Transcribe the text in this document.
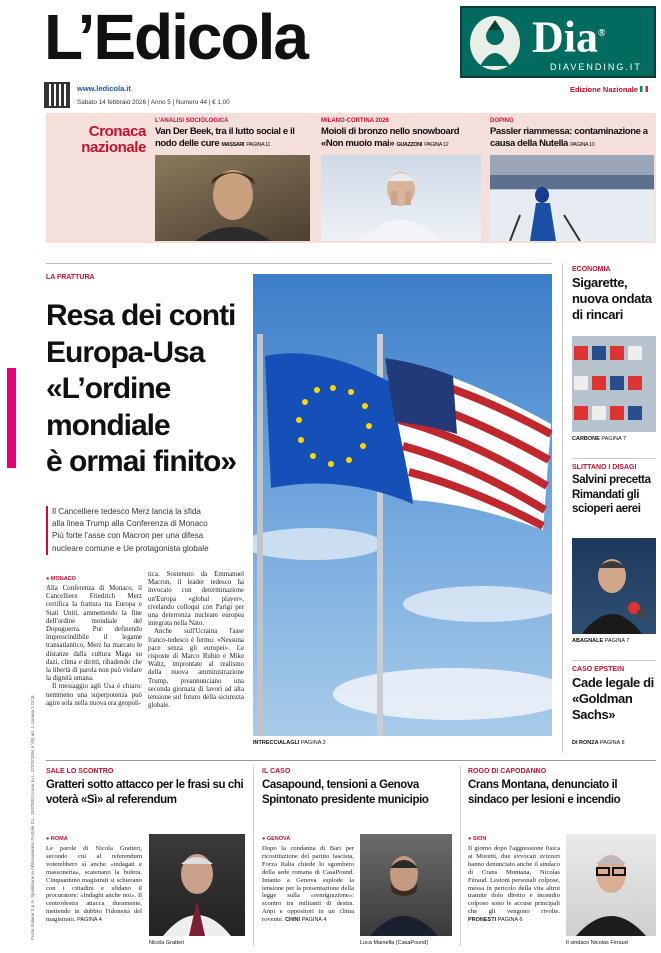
L’Edicola	Dia®
DIAVENDING.IT
www.ledicola.it
Sabato 14 febbraio 2026 | Anno 5 | Numero 44 | € 1,00
Edizione Nazionale
Cronaca nazionale
L'ANALISI SOCIOLOGICA
Van Der Beek, tra il lutto social e il nodo delle cure MASSARI PAGINA 11
MILANO-CORTINA 2026
Moioli di bronzo nello snowboard «Non muoio mai» GUAZZONI PAGINA 12
DOPING
Passler riammessa: contaminazione a causa della Nutella PAGINA 10
LA FRATTURA
Resa dei conti
Europa-Usa
«L’ordine
mondiale
è ormai finito»
Il Cancelliere tedesco Merz lancia la sfida
alla linea Trump alla Conferenza di Monaco
Più forte l’asse con Macron per una difesa
nucleare comune e Ue protagonista globale
● MONACO
Alla Conferenza di Monaco, il Cancelliere Friedrich Merz certifica la frattura tra Europa e Stati Uniti, ammettendo la fine dell'ordine mondiale del Dopoguerra. Pur definendo imprescindibile il legame transatlantico, Merz ha marcato le distanze dalla cultura Maga su dazi, clima e diritti, ribadendo che la libertà di parola non può violare la dignità umana.
Il messaggio agli Usa è chiaro: nemmeno una superpotenza può agire sola nella nuova era geopoli-
tica. Sostenuto da Emmanuel Macron, il leader tedesco ha invocato con determinazione un'Europa «global player», rivelando colloqui con Parigi per una deterrenza nucleare europea integrata nella Nato.
Anche sull'Ucraina l'asse franco-tedesco è fermo: «Nessuna pace senza gli europei». Le risposte di Marco Rubio e Mike Waltz, improntate al realismo della nuova amministrazione Trump, preannunciano una seconda giornata di lavori ad alta tensione sul futuro della sicurezza globale.
INTRECCIALAGLI PAGINA 2
ECONOMIA
Sigarette, nuova ondata di rincari
CARBONE PAGINA 7
SLITTANO I DISAGI
Salvini precetta Rimandati gli scioperi aerei
ABAGNALE PAGINA 7
CASO EPSTEIN
Cade legale di «Goldman Sachs»
DI RONZA PAGINA 8
SALE LO SCONTRO
Gratteri sotto attacco per le frasi su chi voterà «Sì» al referendum
● ROMA
Le parole di Nicola Gratteri, secondo cui al referendum voterebbero sì anche «indagati e massoneria», scatenano la bufera. Cinquantuno magistrati si schierano con i cittadini e sfidano il procuratore: «Indaghi anche noi». Il centrodestra attacca duramente, mettendo in dubbio l'idoneità del magistrato. PAGINA 4
Nicola Gratteri
IL CASO
Casapound, tensioni a Genova Spintonato presidente municipio
● GENOVA
Dopo la condanna di Bari per ricostituzione del partito fascista, Forza Italia chiede lo sgombero della sede romana di CasaPound. Intanto a Genova esplode la tensione per la presentazione della legge sulla «remigrazione»: scontro tra militanti di destra. Anpi e oppositori in un clima rovente. CHINI PAGINA 4
Luca Marsella (CasaPound)
ROGO DI CAPODANNO
Crans Montana, denunciato il sindaco per lesioni e incendio
● SION
Il giorno dopo l'aggressione fisica ai Moretti, due avvocati svizzeri hanno denunciato anche il sindaco di Crans Montana, Nicolas Féraud. Lesioni personali colpose, messa in pericolo della vita altrui tramite dolo diretto e incendio colposo sono le accuse principali che gli vengono rivolte. PRONESTI PAGINA 6
Il sindaco Nicolas Féraud
Poste Italiane S.p.A. Spedizione in Abbonamento Postale D.L. 353/2003 (conv. in L. 27/02/2004 n°46) art. 1 comma 1 DCB
